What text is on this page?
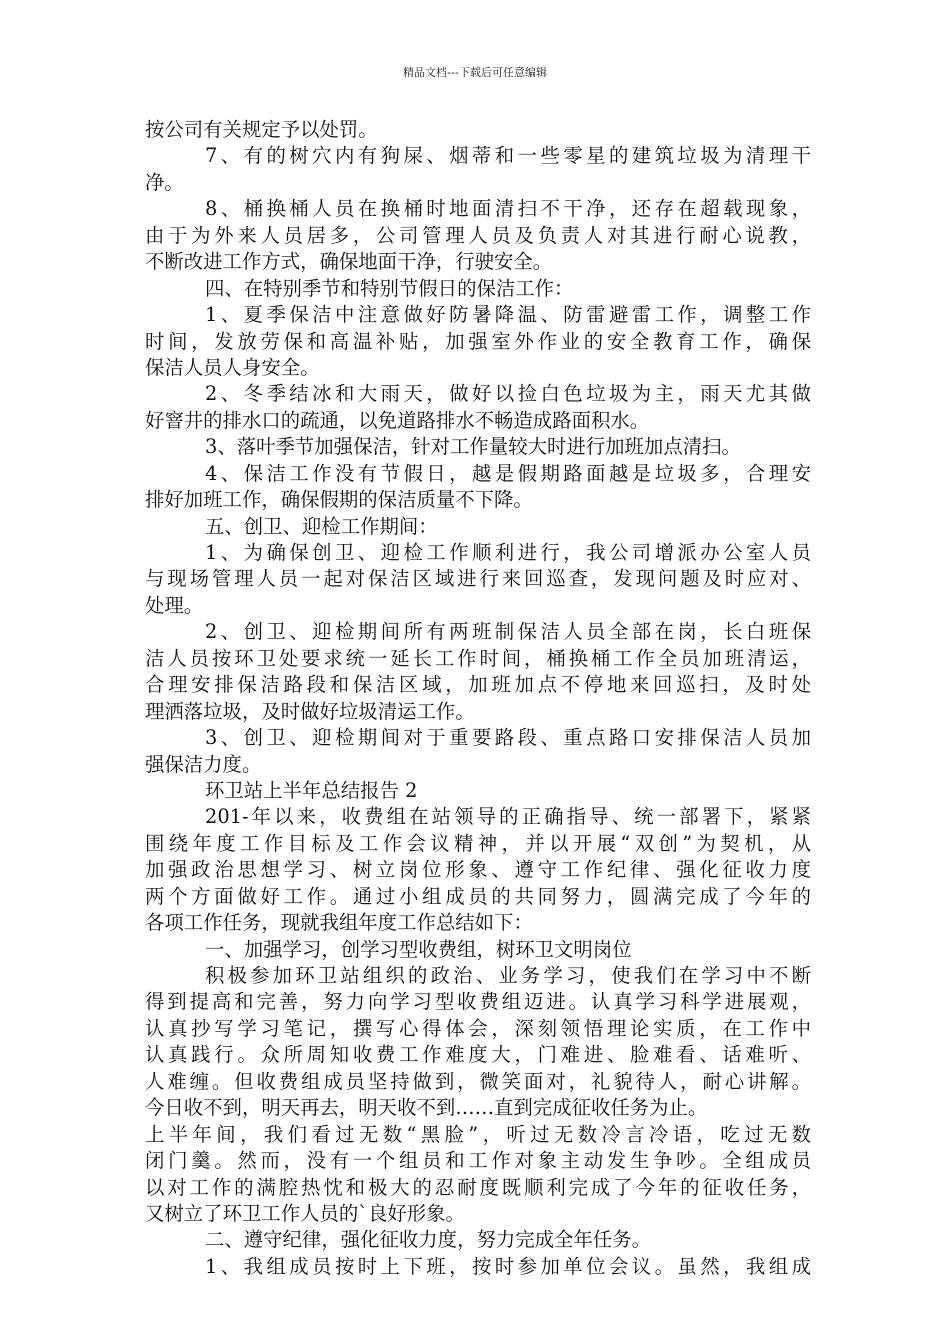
精品文档---下载后可任意编辑
按公司有关规定予以处罚。
7、有的树穴内有狗屎、烟蒂和一些零星的建筑垃圾为清理干
净。
8、桶换桶人员在换桶时地面清扫不干净，还存在超载现象，
由于为外来人员居多，公司管理人员及负责人对其进行耐心说教，
不断改进工作方式，确保地面干净，行驶安全。
四、在特别季节和特别节假日的保洁工作：
1、夏季保洁中注意做好防暑降温、防雷避雷工作，调整工作
时间，发放劳保和高温补贴，加强室外作业的安全教育工作，确保
保洁人员人身安全。
2、冬季结冰和大雨天，做好以捡白色垃圾为主，雨天尤其做
好窨井的排水口的疏通，以免道路排水不畅造成路面积水。
3、落叶季节加强保洁，针对工作量较大时进行加班加点清扫。
4、保洁工作没有节假日，越是假期路面越是垃圾多，合理安
排好加班工作，确保假期的保洁质量不下降。
五、创卫、迎检工作期间：
1、为确保创卫、迎检工作顺利进行，我公司增派办公室人员
与现场管理人员一起对保洁区域进行来回巡查，发现问题及时应对、
处理。
2、创卫、迎检期间所有两班制保洁人员全部在岗，长白班保
洁人员按环卫处要求统一延长工作时间，桶换桶工作全员加班清运，
合理安排保洁路段和保洁区域，加班加点不停地来回巡扫，及时处
理洒落垃圾，及时做好垃圾清运工作。
3、创卫、迎检期间对于重要路段、重点路口安排保洁人员加
强保洁力度。
环卫站上半年总结报告 2
201-年以来，收费组在站领导的正确指导、统一部署下，紧紧
围绕年度工作目标及工作会议精神，并以开展“双创”为契机，从
加强政治思想学习、树立岗位形象、遵守工作纪律、强化征收力度
两个方面做好工作。通过小组成员的共同努力，圆满完成了今年的
各项工作任务，现就我组年度工作总结如下：
一、加强学习，创学习型收费组，树环卫文明岗位
积极参加环卫站组织的政治、业务学习，使我们在学习中不断
得到提高和完善，努力向学习型收费组迈进。认真学习科学进展观，
认真抄写学习笔记，撰写心得体会，深刻领悟理论实质，在工作中
认真践行。众所周知收费工作难度大，门难进、脸难看、话难听、
人难缠。但收费组成员坚持做到，微笑面对，礼貌待人，耐心讲解。
今日收不到，明天再去，明天收不到……直到完成征收任务为止。
上半年间，我们看过无数“黑脸”，听过无数冷言冷语，吃过无数
闭门羹。然而，没有一个组员和工作对象主动发生争吵。全组成员
以对工作的满腔热忱和极大的忍耐度既顺利完成了今年的征收任务，
又树立了环卫工作人员的`良好形象。
二、遵守纪律，强化征收力度，努力完成全年任务。
1、我组成员按时上下班，按时参加单位会议。虽然，我组成
